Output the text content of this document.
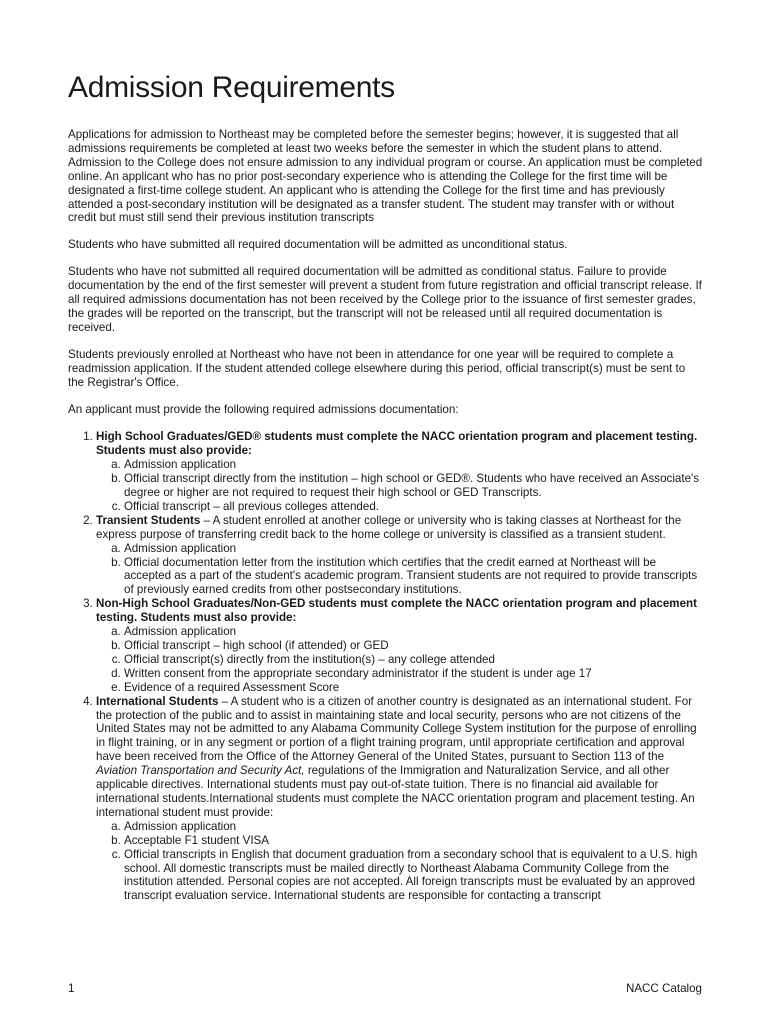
Admission Requirements

Applications for admission to Northeast may be completed before the semester begins; however, it is suggested that all admissions requirements be completed at least two weeks before the semester in which the student plans to attend. Admission to the College does not ensure admission to any individual program or course. An application must be completed online. An applicant who has no prior post-secondary experience who is attending the College for the first time will be designated a first-time college student. An applicant who is attending the College for the first time and has previously attended a post-secondary institution will be designated as a transfer student. The student may transfer with or without credit but must still send their previous institution transcripts

Students who have submitted all required documentation will be admitted as unconditional status.

Students who have not submitted all required documentation will be admitted as conditional status. Failure to provide documentation by the end of the first semester will prevent a student from future registration and official transcript release. If all required admissions documentation has not been received by the College prior to the issuance of first semester grades, the grades will be reported on the transcript, but the transcript will not be released until all required documentation is received.

Students previously enrolled at Northeast who have not been in attendance for one year will be required to complete a readmission application. If the student attended college elsewhere during this period, official transcript(s) must be sent to the Registrar's Office.

An applicant must provide the following required admissions documentation:

1. High School Graduates/GED® students must complete the NACC orientation program and placement testing. Students must also provide:
a. Admission application
b. Official transcript directly from the institution – high school or GED®. Students who have received an Associate's degree or higher are not required to request their high school or GED Transcripts.
c. Official transcript – all previous colleges attended.
2. Transient Students – A student enrolled at another college or university who is taking classes at Northeast for the express purpose of transferring credit back to the home college or university is classified as a transient student.
a. Admission application
b. Official documentation letter from the institution which certifies that the credit earned at Northeast will be accepted as a part of the student's academic program. Transient students are not required to provide transcripts of previously earned credits from other postsecondary institutions.
3. Non-High School Graduates/Non-GED students must complete the NACC orientation program and placement testing. Students must also provide:
a. Admission application
b. Official transcript – high school (if attended) or GED
c. Official transcript(s) directly from the institution(s) – any college attended
d. Written consent from the appropriate secondary administrator if the student is under age 17
e. Evidence of a required Assessment Score
4. International Students – A student who is a citizen of another country is designated as an international student. For the protection of the public and to assist in maintaining state and local security, persons who are not citizens of the United States may not be admitted to any Alabama Community College System institution for the purpose of enrolling in flight training, or in any segment or portion of a flight training program, until appropriate certification and approval have been received from the Office of the Attorney General of the United States, pursuant to Section 113 of the Aviation Transportation and Security Act, regulations of the Immigration and Naturalization Service, and all other applicable directives. International students must pay out-of-state tuition. There is no financial aid available for international students.International students must complete the NACC orientation program and placement testing. An international student must provide:
a. Admission application
b. Acceptable F1 student VISA
c. Official transcripts in English that document graduation from a secondary school that is equivalent to a U.S. high school. All domestic transcripts must be mailed directly to Northeast Alabama Community College from the institution attended. Personal copies are not accepted. All foreign transcripts must be evaluated by an approved transcript evaluation service. International students are responsible for contacting a transcript
1	NACC Catalog
